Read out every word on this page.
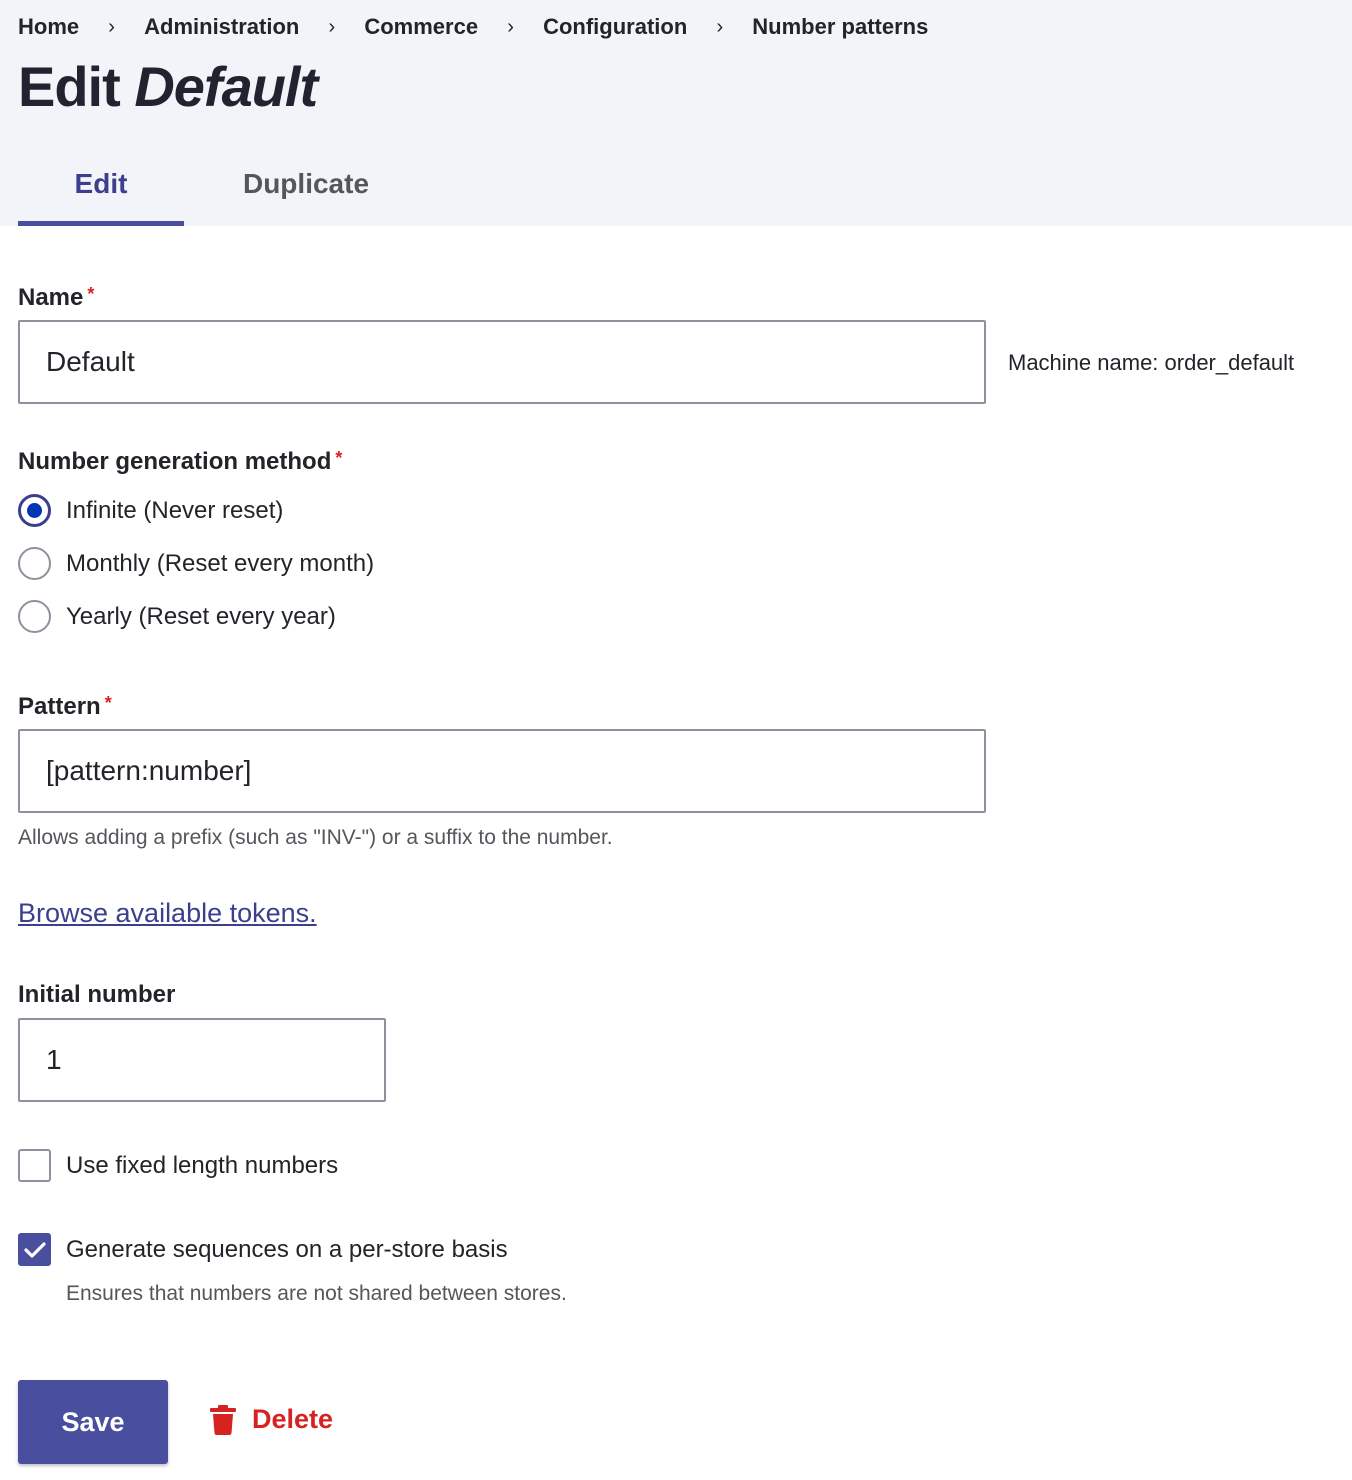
Home	›	Administration	›	Commerce	›	Configuration	›	Number patterns
Edit Default
Edit	Duplicate
Name *
Default
Machine name: order_default
Number generation method *
Infinite (Never reset)
Monthly (Reset every month)
Yearly (Reset every year)
Pattern *
[pattern:number]
Allows adding a prefix (such as "INV-") or a suffix to the number.
Browse available tokens.
Initial number
1
Use fixed length numbers
Generate sequences on a per-store basis
Ensures that numbers are not shared between stores.
Save	Delete
